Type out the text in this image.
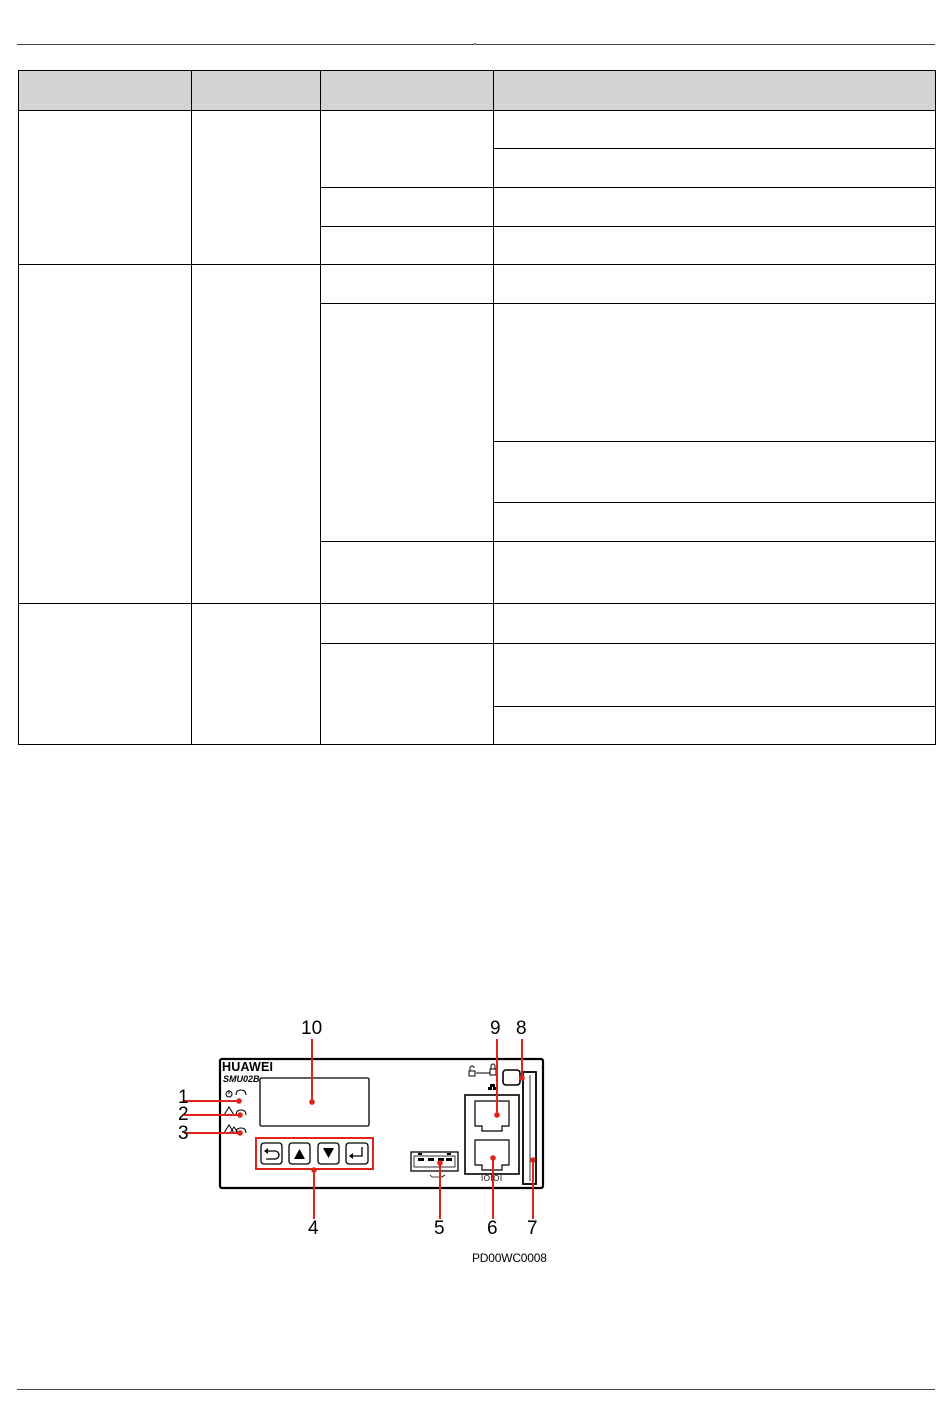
HUAWEI
SMU02B
IOIOI
1
2
3
4	5 6 7
8
9
10
PD00WC0008
